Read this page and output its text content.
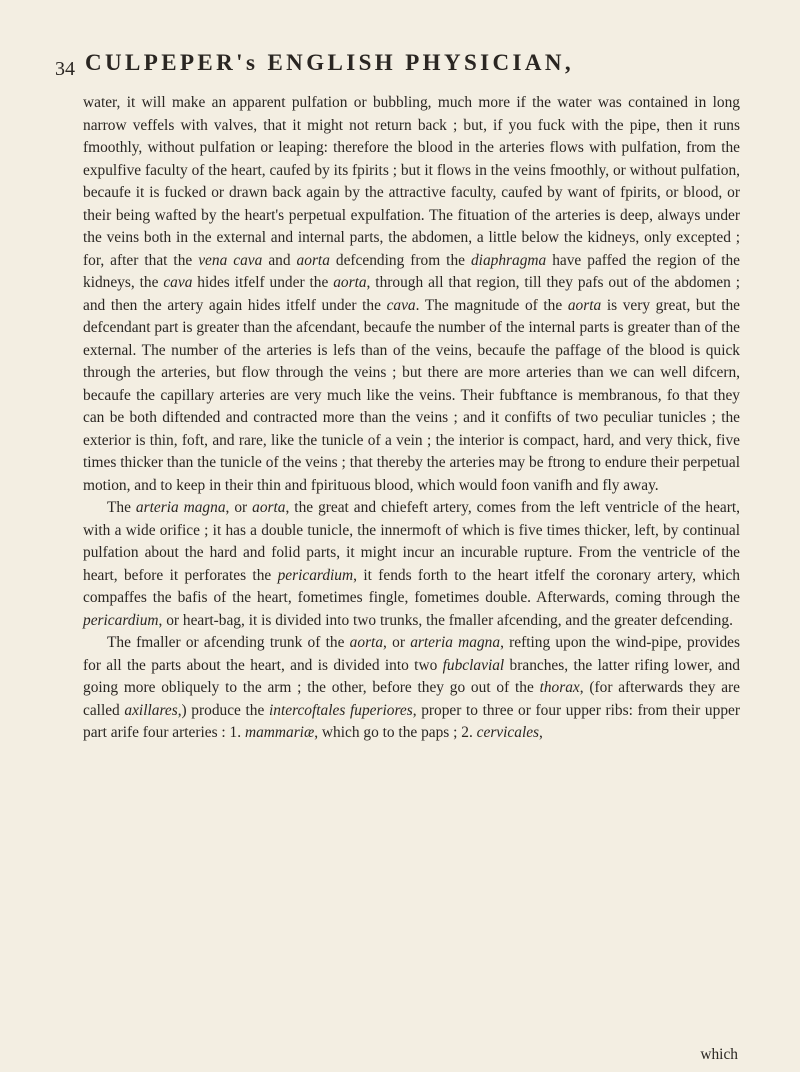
34 CULPEPER's ENGLISH PHYSICIAN,

water, it will make an apparent pulfation or bubbling, much more if the water was contained in long narrow veffels with valves, that it might not return back ; but, if you fuck with the pipe, then it runs fmoothly, without pulfation or leaping: therefore the blood in the arteries flows with pulfation, from the expulfive faculty of the heart, caufed by its fpirits ; but it flows in the veins fmoothly, or without pulfation, becaufe it is fucked or drawn back again by the attractive faculty, caufed by want of fpirits, or blood, or their being wafted by the heart's perpetual expulfation. The fituation of the arteries is deep, always under the veins both in the external and internal parts, the abdomen, a little below the kidneys, only excepted ; for, after that the vena cava and aorta defcending from the diaphragma have paffed the region of the kidneys, the cava hides itfelf under the aorta, through all that region, till they pafs out of the abdomen ; and then the artery again hides itfelf under the cava. The magnitude of the aorta is very great, but the defcendant part is greater than the afcendant, becaufe the number of the internal parts is greater than of the external. The number of the arteries is lefs than of the veins, becaufe the paffage of the blood is quick through the arteries, but flow through the veins ; but there are more arteries than we can well difcern, becaufe the capillary arteries are very much like the veins. Their fubftance is membranous, fo that they can be both diftended and contracted more than the veins ; and it confifts of two peculiar tunicles ; the exterior is thin, foft, and rare, like the tunicle of a vein ; the interior is compact, hard, and very thick, five times thicker than the tunicle of the veins ; that thereby the arteries may be ftrong to endure their perpetual motion, and to keep in their thin and fpirituous blood, which would foon vanifh and fly away.

The arteria magna, or aorta, the great and chiefeft artery, comes from the left ventricle of the heart, with a wide orifice ; it has a double tunicle, the innermoft of which is five times thicker, left, by continual pulfation about the hard and folid parts, it might incur an incurable rupture. From the ventricle of the heart, before it perforates the pericardium, it fends forth to the heart itfelf the coronary artery, which compaffes the bafis of the heart, fometimes fingle, fometimes double. Afterwards, coming through the pericardium, or heart-bag, it is divided into two trunks, the fmaller afcending, and the greater defcending.

The fmaller or afcending trunk of the aorta, or arteria magna, refting upon the wind-pipe, provides for all the parts about the heart, and is divided into two fubclavial branches, the latter rifing lower, and going more obliquely to the arm ; the other, before they go out of the thorax, (for afterwards they are called axillares,) produce the intercoftales fuperiores, proper to three or four upper ribs: from their upper part arife four arteries : 1. mammariæ, which go to the paps ; 2. cervicales,

which
